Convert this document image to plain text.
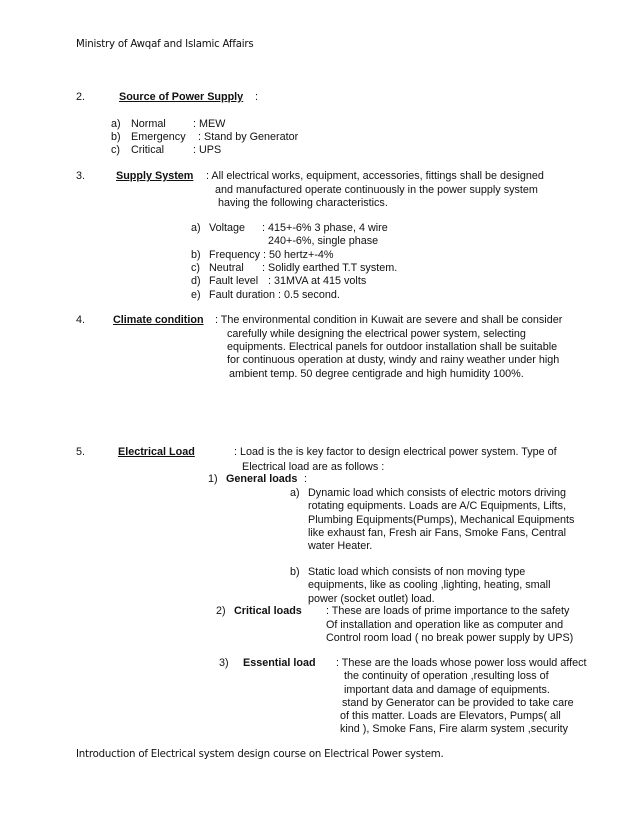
Ministry of Awqaf and Islamic Affairs
2.	Source of Power Supply :
a) Normal	: MEW
b) Emergency : Stand by Generator
c) Critical	: UPS
3.	Supply System : All electrical works, equipment, accessories, fittings shall be designed
and manufactured operate continuously in the power supply system
having the following characteristics.
a) Voltage : 415+-6% 3 phase, 4 wire
240+-6%, single phase
b) Frequency : 50 hertz+-4%
c) Neutral : Solidly earthed T.T system.
d) Fault level : 31MVA at 415 volts
e) Fault duration : 0.5 second.
4.	Climate condition : The environmental condition in Kuwait are severe and shall be consider
carefully while designing the electrical power system, selecting
equipments. Electrical panels for outdoor installation shall be suitable
for continuous operation at dusty, windy and rainy weather under high
ambient temp. 50 degree centigrade and high humidity 100%.
5.	Electrical Load	: Load is the is key factor to design electrical power system. Type of
Electrical load are as follows :
1) General loads :
a) Dynamic load which consists of electric motors driving
rotating equipments. Loads are A/C Equipments, Lifts,
Plumbing Equipments(Pumps), Mechanical Equipments
like exhaust fan, Fresh air Fans, Smoke Fans, Central
water Heater.
b) Static load which consists of non moving type
equipments, like as cooling ,lighting, heating, small
power (socket outlet) load.
2) Critical loads : These are loads of prime importance to the safety
Of installation and operation like as computer and
Control room load ( no break power supply by UPS)
3) Essential load : These are the loads whose power loss would affect
the continuity of operation ,resulting loss of
important data and damage of equipments.
stand by Generator can be provided to take care
of this matter. Loads are Elevators, Pumps( all
kind ), Smoke Fans, Fire alarm system ,security
Introduction of Electrical system design course on Electrical Power system.
